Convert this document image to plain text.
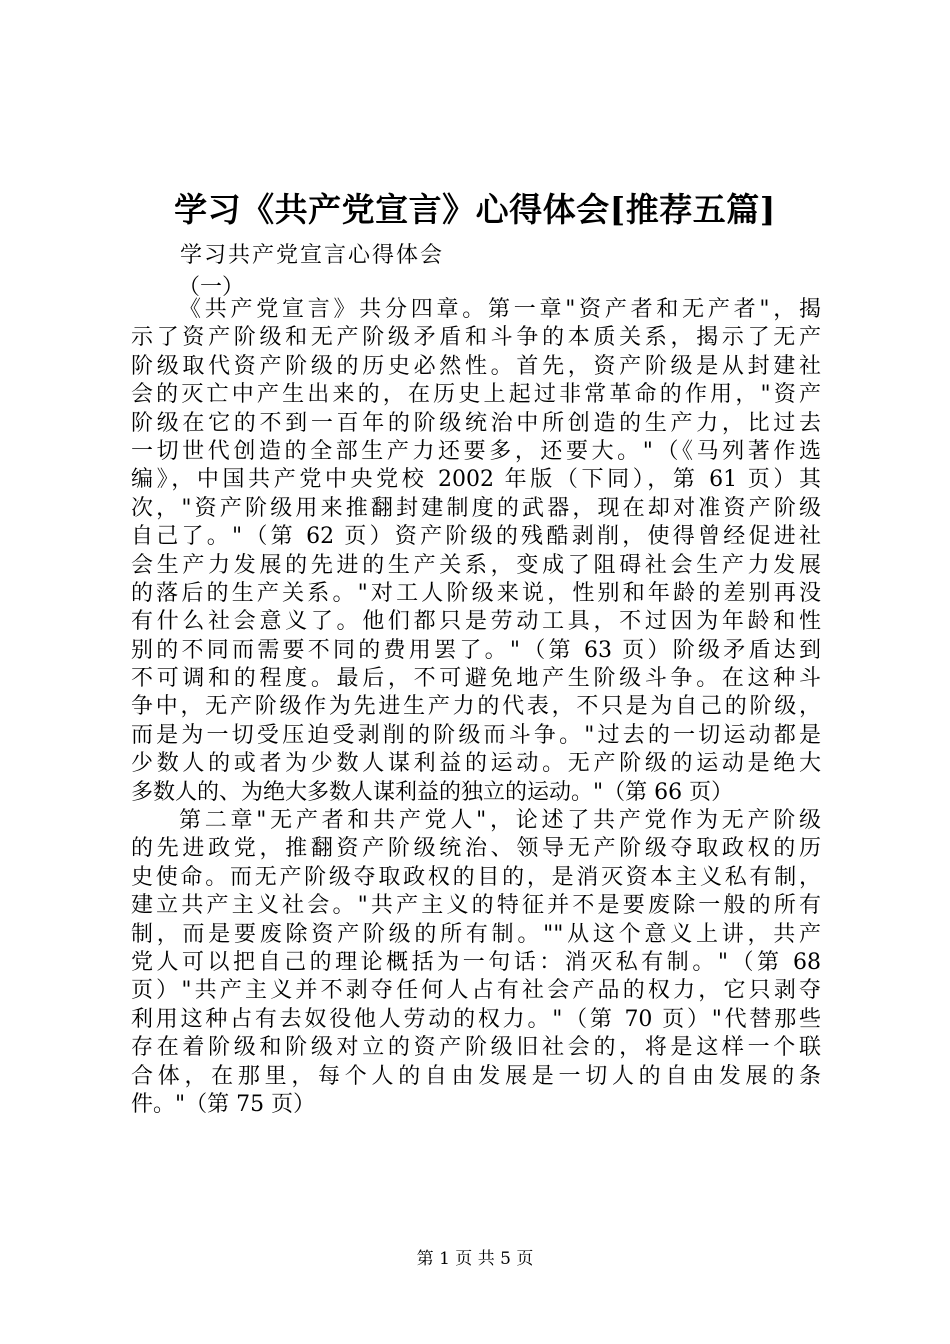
学习《共产党宣言》心得体会[推荐五篇]
学习共产党宣言心得体会
（一）
《共产党宣言》共分四章。第一章"资产者和无产者"，揭
示了资产阶级和无产阶级矛盾和斗争的本质关系，揭示了无产
阶级取代资产阶级的历史必然性。首先，资产阶级是从封建社
会的灭亡中产生出来的，在历史上起过非常革命的作用，"资产
阶级在它的不到一百年的阶级统治中所创造的生产力，比过去
一切世代创造的全部生产力还要多，还要大。"（《马列著作选
编》，中国共产党中央党校 2002 年版（下同），第 61 页）其
次，"资产阶级用来推翻封建制度的武器，现在却对准资产阶级
自己了。"（第 62 页）资产阶级的残酷剥削，使得曾经促进社
会生产力发展的先进的生产关系，变成了阻碍社会生产力发展
的落后的生产关系。"对工人阶级来说，性别和年龄的差别再没
有什么社会意义了。他们都只是劳动工具，不过因为年龄和性
别的不同而需要不同的费用罢了。"（第 63 页）阶级矛盾达到
不可调和的程度。最后，不可避免地产生阶级斗争。在这种斗
争中，无产阶级作为先进生产力的代表，不只是为自己的阶级，
而是为一切受压迫受剥削的阶级而斗争。"过去的一切运动都是
少数人的或者为少数人谋利益的运动。无产阶级的运动是绝大
多数人的、为绝大多数人谋利益的独立的运动。"（第 66 页）
第二章"无产者和共产党人"，论述了共产党作为无产阶级
的先进政党，推翻资产阶级统治、领导无产阶级夺取政权的历
史使命。而无产阶级夺取政权的目的，是消灭资本主义私有制，
建立共产主义社会。"共产主义的特征并不是要废除一般的所有
制，而是要废除资产阶级的所有制。""从这个意义上讲，共产
党人可以把自己的理论概括为一句话：消灭私有制。"（第 68
页）"共产主义并不剥夺任何人占有社会产品的权力，它只剥夺
利用这种占有去奴役他人劳动的权力。"（第 70 页）"代替那些
存在着阶级和阶级对立的资产阶级旧社会的，将是这样一个联
合体，在那里，每个人的自由发展是一切人的自由发展的条
件。"（第 75 页）
第 1 页 共 5 页
